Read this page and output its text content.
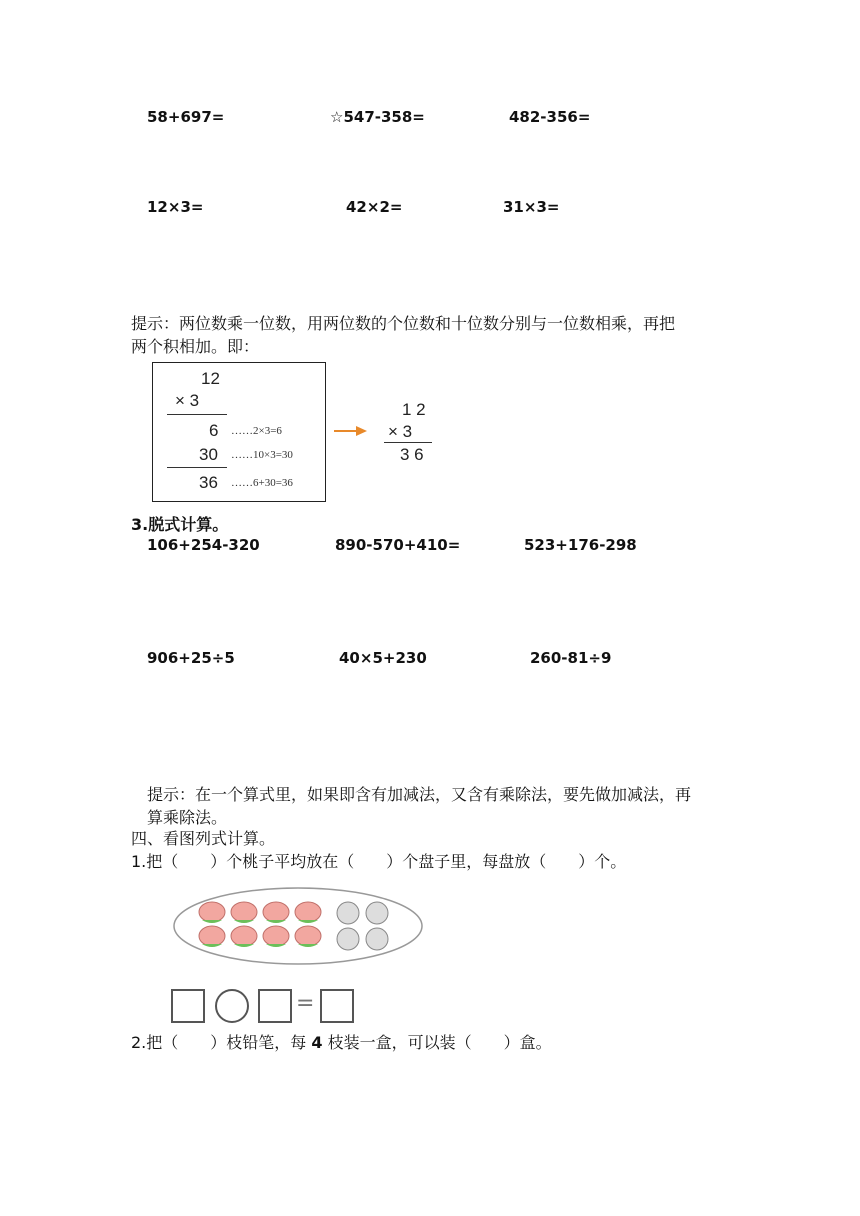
58+697=	☆547-358=	482-356=
12×3=	42×2=	31×3=
提示：两位数乘一位数，用两位数的个位数和十位数分别与一位数相乘，再把
两个积相加。即：
12
× 3
6 ……2×3=6
30 ……10×3=30
36 ……6+30=36
1 2
× 3
3 6
3.脱式计算。
106+254-320	890-570+410=	523+176-298
906+25÷5	40×5+230	260-81÷9
提示：在一个算式里，如果即含有加减法，又含有乘除法，要先做加减法，再
算乘除法。
四、看图列式计算。
1.把（　　）个桃子平均放在（　　）个盘子里，每盘放（　　）个。
=
2.把（　　）枝铅笔，每 4 枝装一盒，可以装（　　）盒。
